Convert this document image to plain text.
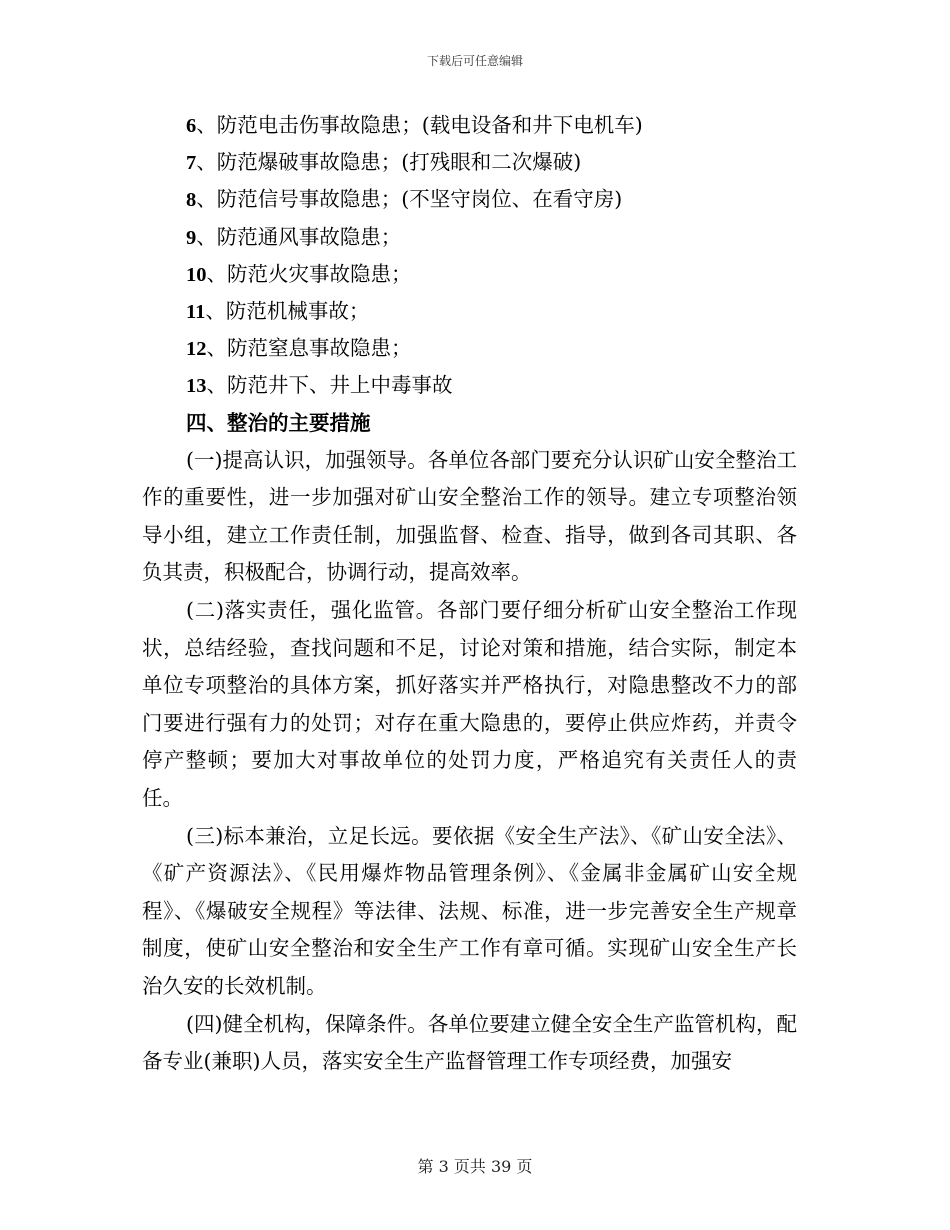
下载后可任意编辑
6、防范电击伤事故隐患；(载电设备和井下电机车)
7、防范爆破事故隐患；(打残眼和二次爆破)
8、防范信号事故隐患；(不坚守岗位、在看守房)
9、防范通风事故隐患；
10、防范火灾事故隐患；
11、防范机械事故；
12、防范窒息事故隐患；
13、防范井下、井上中毒事故
四、整治的主要措施

(一)提高认识，加强领导。各单位各部门要充分认识矿山安全整治工作的重要性，进一步加强对矿山安全整治工作的领导。建立专项整治领导小组，建立工作责任制，加强监督、检查、指导，做到各司其职、各负其责，积极配合，协调行动，提高效率。

(二)落实责任，强化监管。各部门要仔细分析矿山安全整治工作现状，总结经验，查找问题和不足，讨论对策和措施，结合实际，制定本单位专项整治的具体方案，抓好落实并严格执行，对隐患整改不力的部门要进行强有力的处罚；对存在重大隐患的，要停止供应炸药，并责令停产整顿；要加大对事故单位的处罚力度，严格追究有关责任人的责任。

(三)标本兼治，立足长远。要依据《安全生产法》、《矿山安全法》、《矿产资源法》、《民用爆炸物品管理条例》、《金属非金属矿山安全规程》、《爆破安全规程》等法律、法规、标准，进一步完善安全生产规章制度，使矿山安全整治和安全生产工作有章可循。实现矿山安全生产长治久安的长效机制。

(四)健全机构，保障条件。各单位要建立健全安全生产监管机构，配备专业(兼职)人员，落实安全生产监督管理工作专项经费，加强安

第 3 页共 39 页
